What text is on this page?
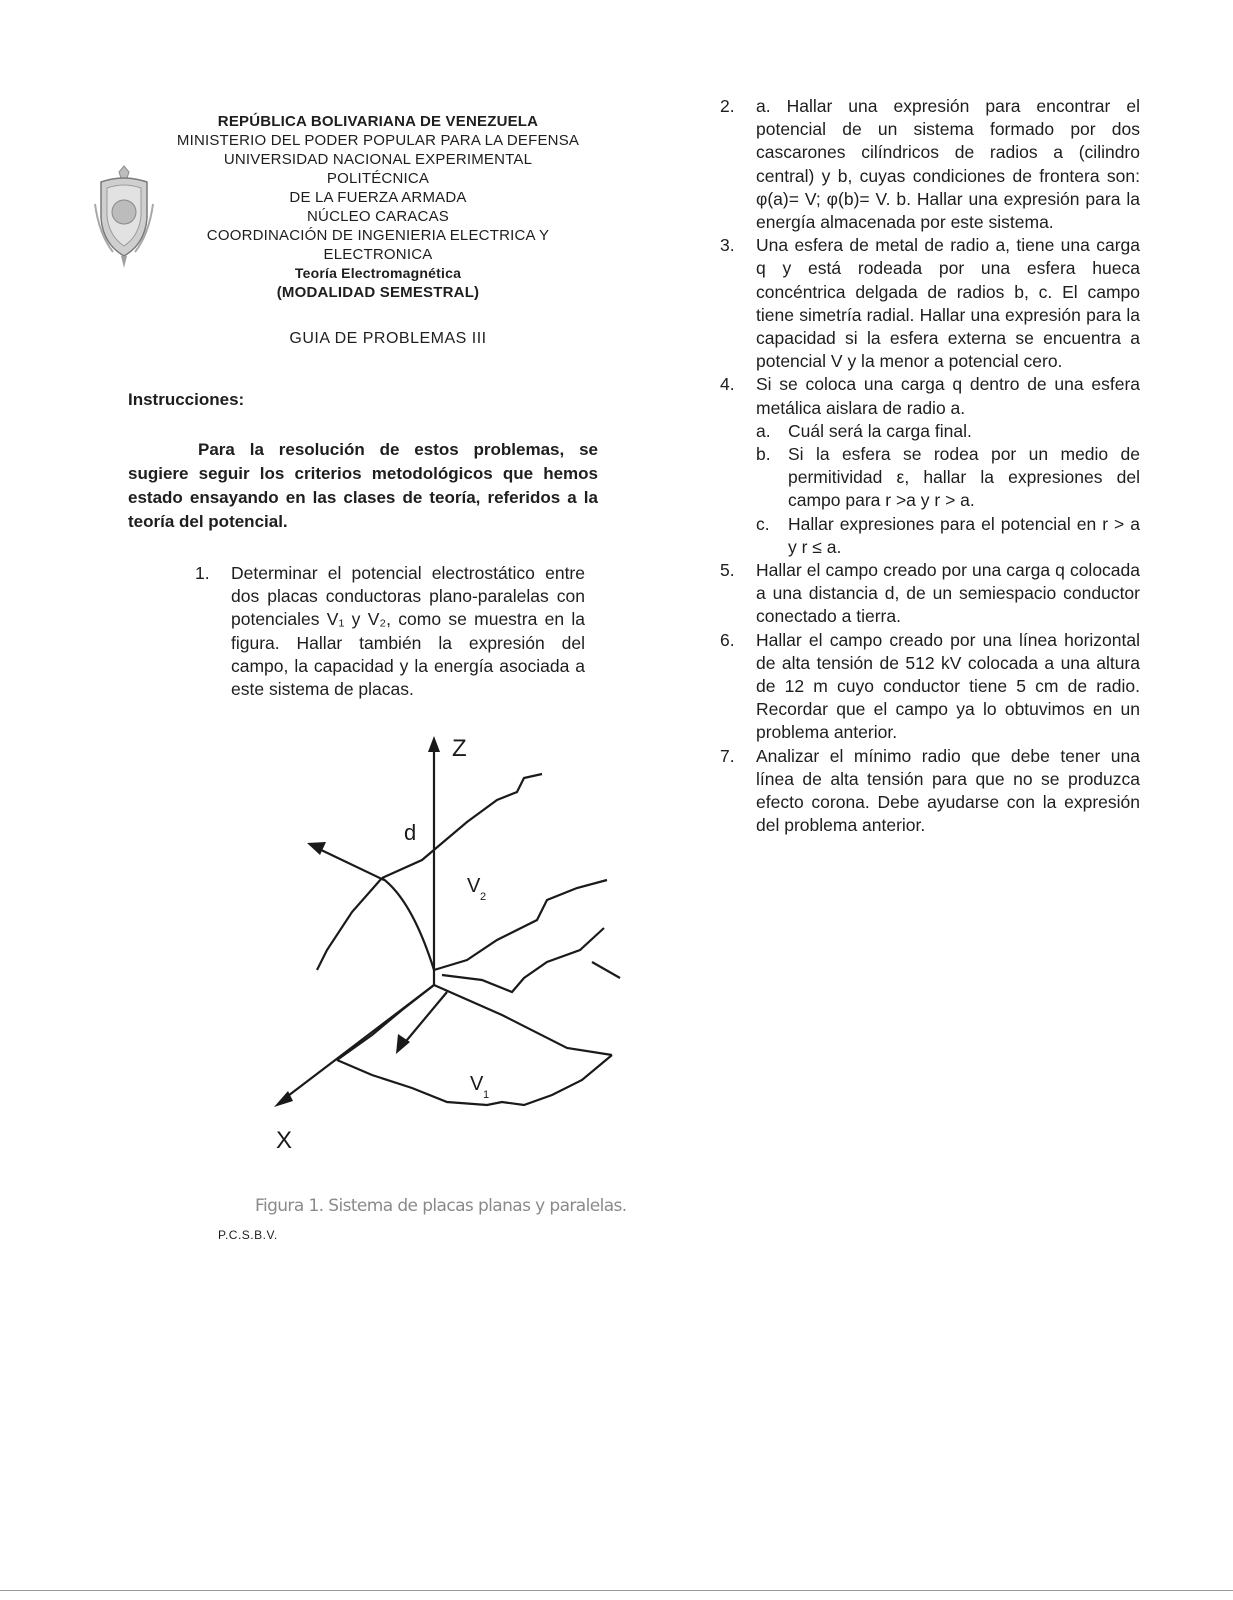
REPÚBLICA BOLIVARIANA DE VENEZUELA
MINISTERIO DEL PODER POPULAR PARA LA DEFENSA
UNIVERSIDAD NACIONAL EXPERIMENTAL
POLITÉCNICA
DE LA FUERZA ARMADA
NÚCLEO CARACAS
COORDINACIÓN DE INGENIERIA ELECTRICA Y
ELECTRONICA
Teoría Electromagnética
(MODALIDAD SEMESTRAL)
GUIA DE PROBLEMAS III
Instrucciones:
Para la resolución de estos problemas, se sugiere seguir los criterios metodológicos que hemos estado ensayando en las clases de teoría, referidos a la teoría del potencial.
1. Determinar el potencial electrostático entre dos placas conductoras plano-paralelas con potenciales V₁ y V₂, como se muestra en la figura. Hallar también la expresión del campo, la capacidad y la energía asociada a este sistema de placas.
Z
X
d
V 2
V 1
Figura 1. Sistema de placas planas y paralelas.
P.C.S.B.V.
2. a. Hallar una expresión para encontrar el potencial de un sistema formado por dos cascarones cilíndricos de radios a (cilindro central) y b, cuyas condiciones de frontera son: φ(a)= V; φ(b)= V. b. Hallar una expresión para la energía almacenada por este sistema.
3. Una esfera de metal de radio a, tiene una carga q y está rodeada por una esfera hueca concéntrica delgada de radios b, c. El campo tiene simetría radial. Hallar una expresión para la capacidad si la esfera externa se encuentra a potencial V y la menor a potencial cero.
4. Si se coloca una carga q dentro de una esfera metálica aislara de radio a.
a. Cuál será la carga final.
b. Si la esfera se rodea por un medio de permitividad ε, hallar la expresiones del campo para r >a y r > a.
c. Hallar expresiones para el potencial en r > a y r ≤ a.
5. Hallar el campo creado por una carga q colocada a una distancia d, de un semiespacio conductor conectado a tierra.
6. Hallar el campo creado por una línea horizontal de alta tensión de 512 kV colocada a una altura de 12 m cuyo conductor tiene 5 cm de radio. Recordar que el campo ya lo obtuvimos en un problema anterior.
7. Analizar el mínimo radio que debe tener una línea de alta tensión para que no se produzca efecto corona. Debe ayudarse con la expresión del problema anterior.
